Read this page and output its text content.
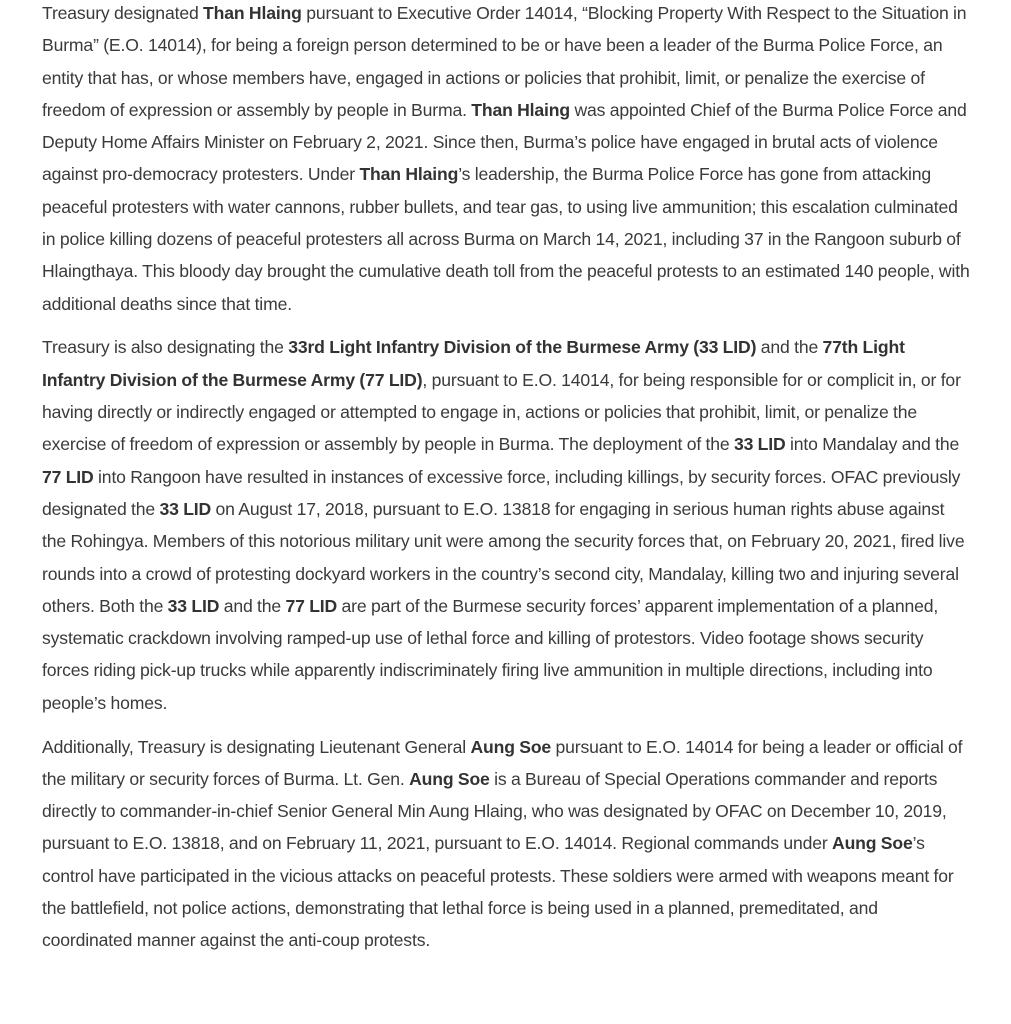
Treasury designated Than Hlaing pursuant to Executive Order 14014, “Blocking Property With Respect to the Situation in Burma” (E.O. 14014), for being a foreign person determined to be or have been a leader of the Burma Police Force, an entity that has, or whose members have, engaged in actions or policies that prohibit, limit, or penalize the exercise of freedom of expression or assembly by people in Burma. Than Hlaing was appointed Chief of the Burma Police Force and Deputy Home Affairs Minister on February 2, 2021. Since then, Burma’s police have engaged in brutal acts of violence against pro-democracy protesters. Under Than Hlaing’s leadership, the Burma Police Force has gone from attacking peaceful protesters with water cannons, rubber bullets, and tear gas, to using live ammunition; this escalation culminated in police killing dozens of peaceful protesters all across Burma on March 14, 2021, including 37 in the Rangoon suburb of Hlaingthaya. This bloody day brought the cumulative death toll from the peaceful protests to an estimated 140 people, with additional deaths since that time.

Treasury is also designating the 33rd Light Infantry Division of the Burmese Army (33 LID) and the 77th Light Infantry Division of the Burmese Army (77 LID), pursuant to E.O. 14014, for being responsible for or complicit in, or for having directly or indirectly engaged or attempted to engage in, actions or policies that prohibit, limit, or penalize the exercise of freedom of expression or assembly by people in Burma. The deployment of the 33 LID into Mandalay and the 77 LID into Rangoon have resulted in instances of excessive force, including killings, by security forces. OFAC previously designated the 33 LID on August 17, 2018, pursuant to E.O. 13818 for engaging in serious human rights abuse against the Rohingya. Members of this notorious military unit were among the security forces that, on February 20, 2021, fired live rounds into a crowd of protesting dockyard workers in the country’s second city, Mandalay, killing two and injuring several others. Both the 33 LID and the 77 LID are part of the Burmese security forces’ apparent implementation of a planned, systematic crackdown involving ramped-up use of lethal force and killing of protestors. Video footage shows security forces riding pick-up trucks while apparently indiscriminately firing live ammunition in multiple directions, including into people’s homes.

Additionally, Treasury is designating Lieutenant General Aung Soe pursuant to E.O. 14014 for being a leader or official of the military or security forces of Burma. Lt. Gen. Aung Soe is a Bureau of Special Operations commander and reports directly to commander-in-chief Senior General Min Aung Hlaing, who was designated by OFAC on December 10, 2019, pursuant to E.O. 13818, and on February 11, 2021, pursuant to E.O. 14014. Regional commands under Aung Soe’s control have participated in the vicious attacks on peaceful protests. These soldiers were armed with weapons meant for the battlefield, not police actions, demonstrating that lethal force is being used in a planned, premeditated, and coordinated manner against the anti-coup protests.
